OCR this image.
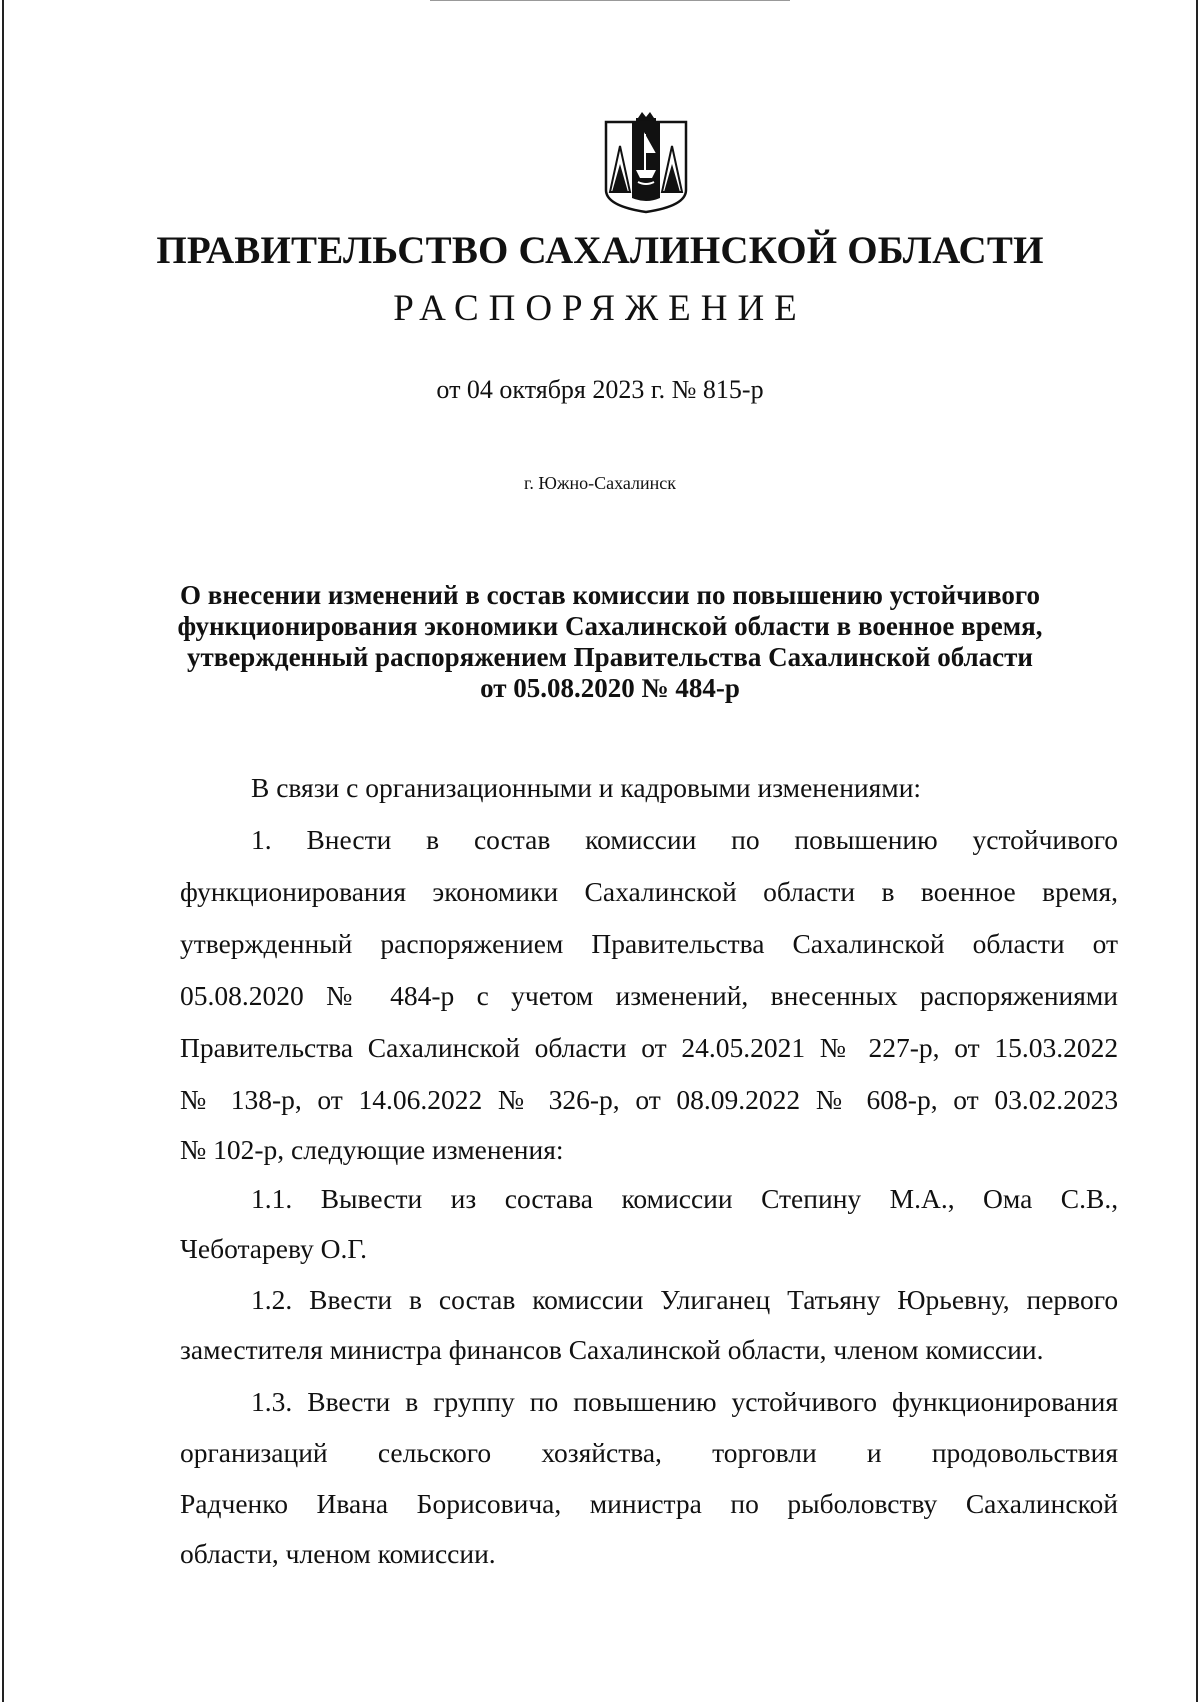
ПРАВИТЕЛЬСТВО САХАЛИНСКОЙ ОБЛАСТИ
РАСПОРЯЖЕНИЕ
от 04 октября 2023 г. № 815-р
г. Южно-Сахалинск
О внесении изменений в состав комиссии по повышению устойчивого
функционирования экономики Сахалинской области в военное время,
утвержденный распоряжением Правительства Сахалинской области
от 05.08.2020 № 484-р
В связи с организационными и кадровыми изменениями:
1. Внести в состав комиссии по повышению устойчивого
функционирования экономики Сахалинской области в военное время,
утвержденный распоряжением Правительства Сахалинской области от
05.08.2020 № 484-р с учетом изменений, внесенных распоряжениями
Правительства Сахалинской области от 24.05.2021 № 227-р, от 15.03.2022
№ 138-р, от 14.06.2022 № 326-р, от 08.09.2022 № 608-р, от 03.02.2023
1.1. Вывести из состава комиссии Степину М.А., Ома С.В.,
1.2. Ввести в состав комиссии Улиганец Татьяну Юрьевну, первого
1.3. Ввести в группу по повышению устойчивого функционирования
организаций сельского хозяйства, торговли и продовольствия
Радченко Ивана Борисовича, министра по рыболовству Сахалинской
№ 102-р, следующие изменения:
Чеботареву О.Г.
заместителя министра финансов Сахалинской области, членом комиссии.
области, членом комиссии.
